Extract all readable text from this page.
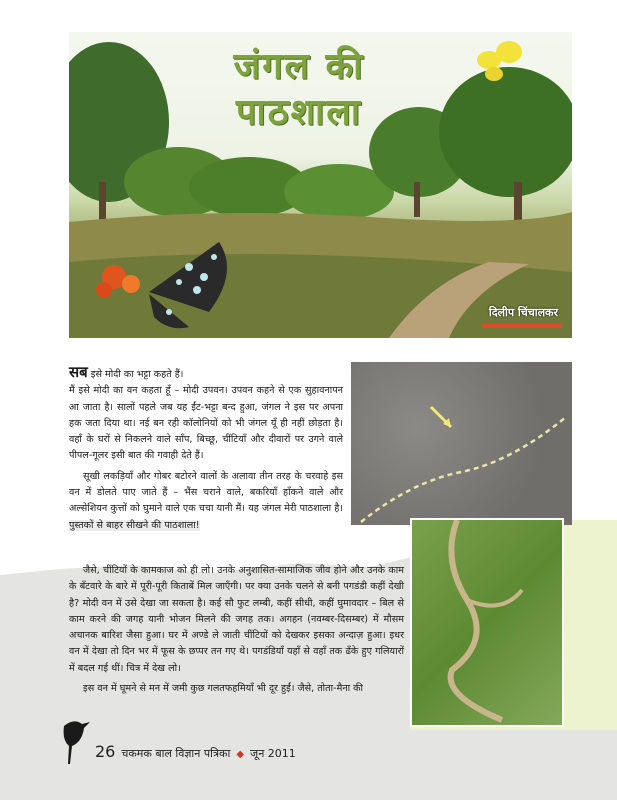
जंगल की
पाठशाला
दिलीप चिंचालकर

सब इसे मोदी का भट्टा कहते हैं।

मैं इसे मोदी का वन कहता हूँ – मोदी उपवन। उपवन कहने से एक सुहावनापन आ जाता है। सालों पहले जब यह ईंट-भट्टा बन्द हुआ, जंगल ने इस पर अपना हक जता दिया था। नई बन रही कॉलोनियों को भी जंगल यूँ ही नहीं छोड़ता है। वहाँ के घरों से निकलने वाले साँप, बिच्छू, चींटियाँ और दीवारों पर उगने वाले पीपल-गूलर इसी बात की गवाही देते हैं।

सूखी लकड़ियाँ और गोबर बटोरने वालों के अलावा तीन तरह के चरवाहे इस वन में डोलते पाए जाते हैं – भैंस चराने वाले, बकरियाँ हाँकने वाले और अल्सेशियन कुत्तों को घुमाने वाले एक चचा यानी मैं। यह जंगल मेरी पाठशाला है। पुस्तकों से बाहर सीखने की पाठशाला!

जैसे, चींटियों के कामकाज को ही लो। उनके अनुशासित-सामाजिक जीव होने और उनके काम के बँटवारे के बारे में पूरी-पूरी किताबें मिल जाएँगी। पर क्या उनके चलने से बनी पगडंडी कहीं देखी है? मोदी वन में उसे देखा जा सकता है। कई सौ फुट लम्बी, कहीं सीधी, कहीं घुमावदार – बिल से काम करने की जगह यानी भोजन मिलने की जगह तक। अगहन (नवम्बर-दिसम्बर) में मौसम अचानक बारिश जैसा हुआ। घर में अण्डे ले जाती चींटियों को देखकर इसका अन्दाज़ हुआ। इधर वन में देखा तो दिन भर में फूस के छप्पर तन गए थे। पगडंडियाँ यहाँ से वहाँ तक ढँके हुए गलियारों में बदल गई थीं। चित्र में देख लो।

इस वन में घूमने से मन में जमी कुछ गलतफहमियाँ भी दूर हुईं। जैसे, तोता-मैना की

26 चकमक बाल विज्ञान पत्रिका ◆ जून 2011
